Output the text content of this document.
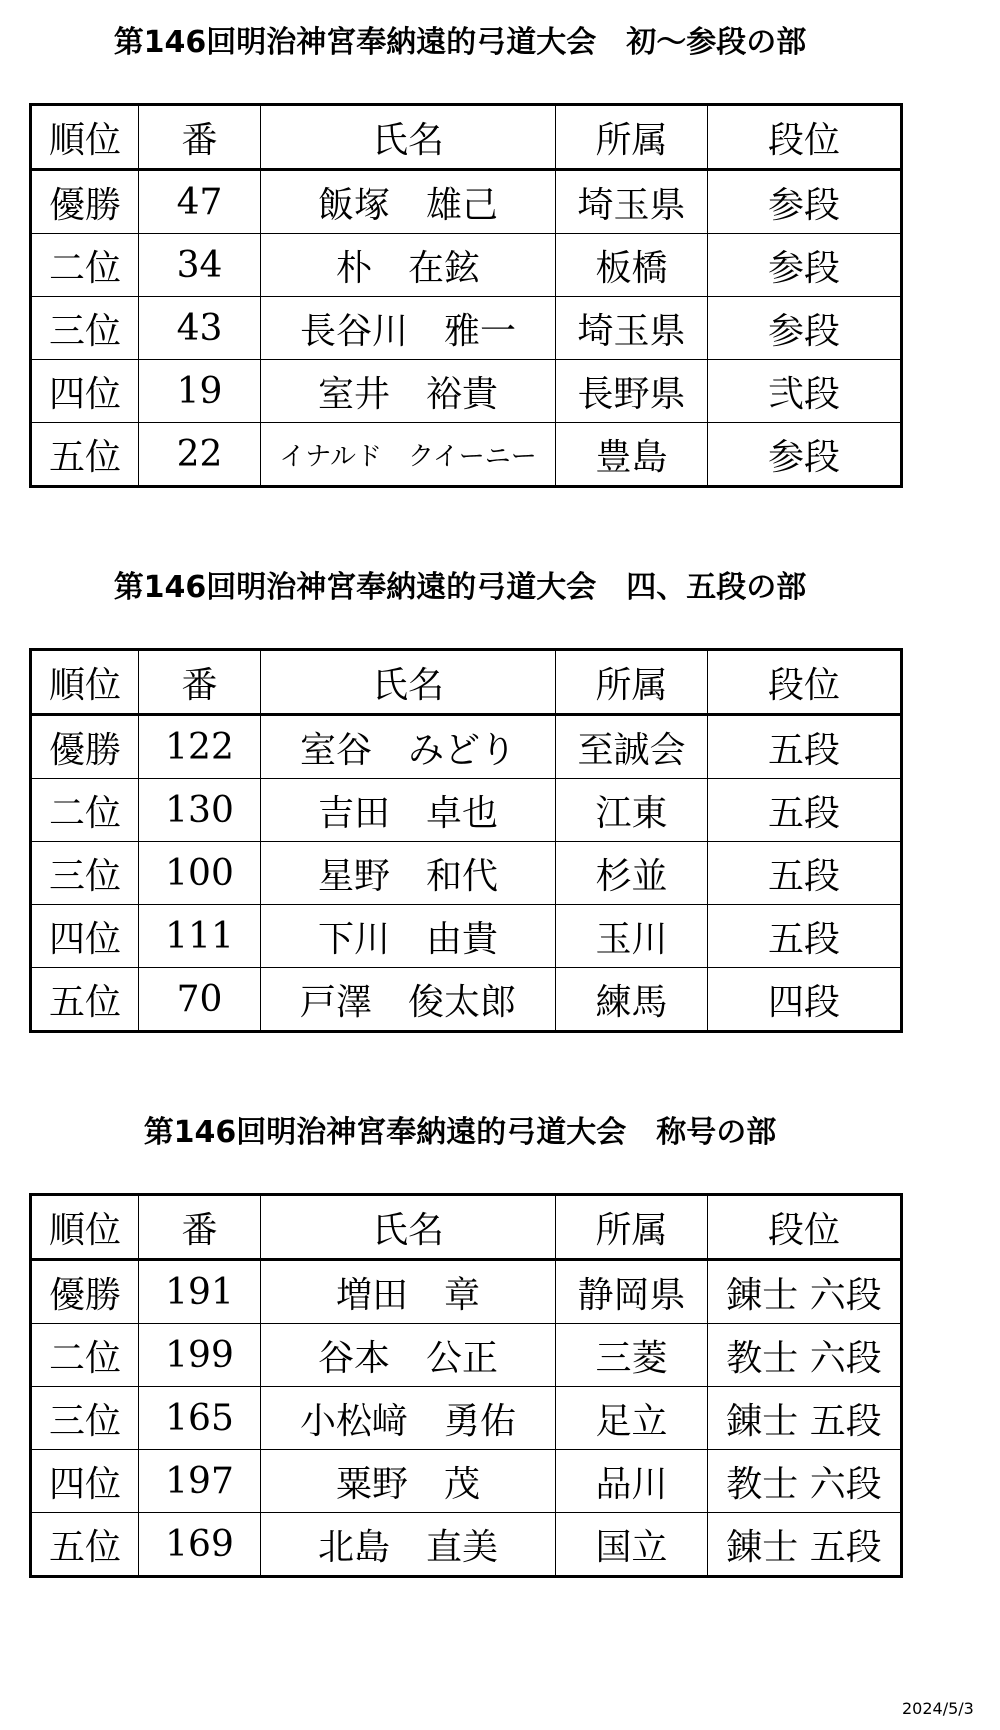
第146回明治神宮奉納遠的弓道大会　初～参段の部
順位	番	氏名	所属	段位
優勝	47	飯塚　雄己	埼玉県	参段
二位	34	朴　在鉉	板橋	参段
三位	43	長谷川　雅一	埼玉県	参段
四位	19	室井　裕貴	長野県	弐段
五位	22	イナルド　クイーニー	豊島	参段
第146回明治神宮奉納遠的弓道大会　四、五段の部
順位	番	氏名	所属	段位
優勝	122	室谷　みどり	至誠会	五段
二位	130	吉田　卓也	江東	五段
三位	100	星野　和代	杉並	五段
四位	111	下川　由貴	玉川	五段
五位	70	戸澤　俊太郎	練馬	四段
第146回明治神宮奉納遠的弓道大会　称号の部
順位	番	氏名	所属	段位
優勝	191	増田　章	静岡県	錬士 六段
二位	199	谷本　公正	三菱	教士 六段
三位	165	小松﨑　勇佑	足立	錬士 五段
四位	197	粟野　茂	品川	教士 六段
五位	169	北島　直美	国立	錬士 五段
2024/5/3
